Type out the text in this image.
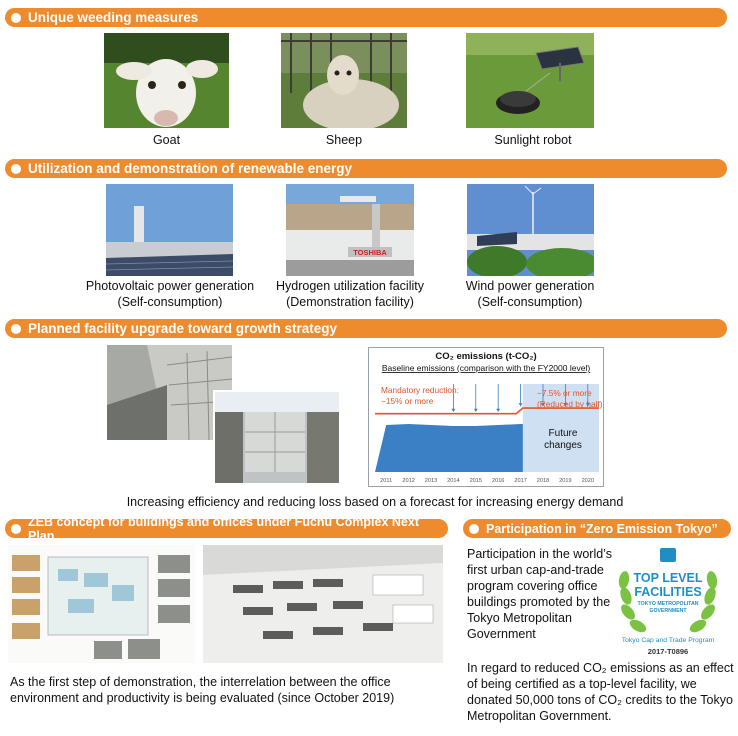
Unique weeding measures
Goat	Sheep	Sunlight robot
Utilization and demonstration of renewable energy
Photovoltaic power generation
(Self-consumption)
TOSHIBA
Hydrogen utilization facility
(Demonstration facility)
Wind power generation
(Self-consumption)
Planned facility upgrade toward growth strategy
CO₂ emissions (t-CO₂)
Baseline emissions (comparison with the FY2000 level)
2011 2012 2013 2014 2015 2016 2017 2018 2019 2020
Mandatory reduction:
−15% or more
−7.5% or more
(Reduced by half)
Future
changes
Increasing efficiency and reducing loss based on a forecast for increasing energy demand
ZEB concept for buildings and offices under Fuchu Complex Next Plan
As the first step of demonstration, the interrelation between the office environment and productivity is being evaluated (since October 2019)
Participation in “Zero Emission Tokyo”
Participation in the world’s first urban cap-and-trade program covering office buildings promoted by the Tokyo Metropolitan Government
TOP LEVEL
FACILITIES
TOKYO METROPOLITAN
GOVERNMENT
Tokyo Cap and Trade Program
2017-T0896
In regard to reduced CO₂ emissions as an effect of being certified as a top-level facility, we donated 50,000 tons of CO₂ credits to the Tokyo Metropolitan Government.
